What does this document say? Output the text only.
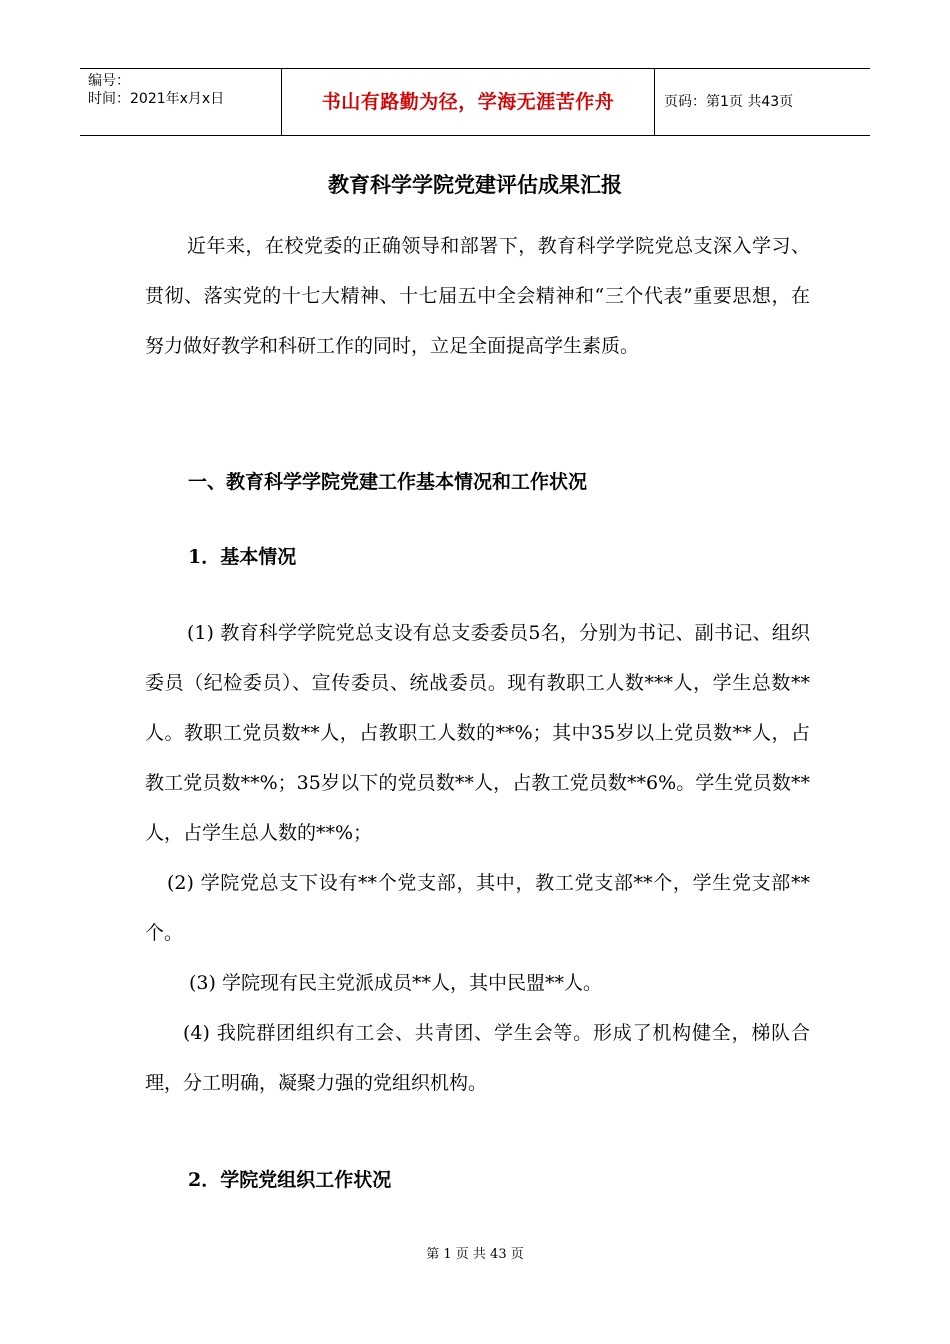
编号：
时间：2021年x月x日	书山有路勤为径，学海无涯苦作舟	页码：第1页 共43页
教育科学学院党建评估成果汇报

近年来，在校党委的正确领导和部署下，教育科学学院党总支深入学习、贯彻、落实党的十七大精神、十七届五中全会精神和“三个代表”重要思想，在努力做好教学和科研工作的同时，立足全面提高学生素质。

一、教育科学学院党建工作基本情况和工作状况
1．基本情况

(1) 教育科学学院党总支设有总支委委员5名，分别为书记、副书记、组织委员（纪检委员）、宣传委员、统战委员。现有教职工人数***人，学生总数**人。教职工党员数**人，占教职工人数的**%；其中35岁以上党员数**人，占教工党员数**%；35岁以下的党员数**人，占教工党员数**6%。学生党员数**人，占学生总人数的**%；

(2) 学院党总支下设有**个党支部，其中，教工党支部**个，学生党支部**个。

(3) 学院现有民主党派成员**人，其中民盟**人。

(4) 我院群团组织有工会、共青团、学生会等。形成了机构健全，梯队合理，分工明确，凝聚力强的党组织机构。

2．学院党组织工作状况
第 1 页 共 43 页
